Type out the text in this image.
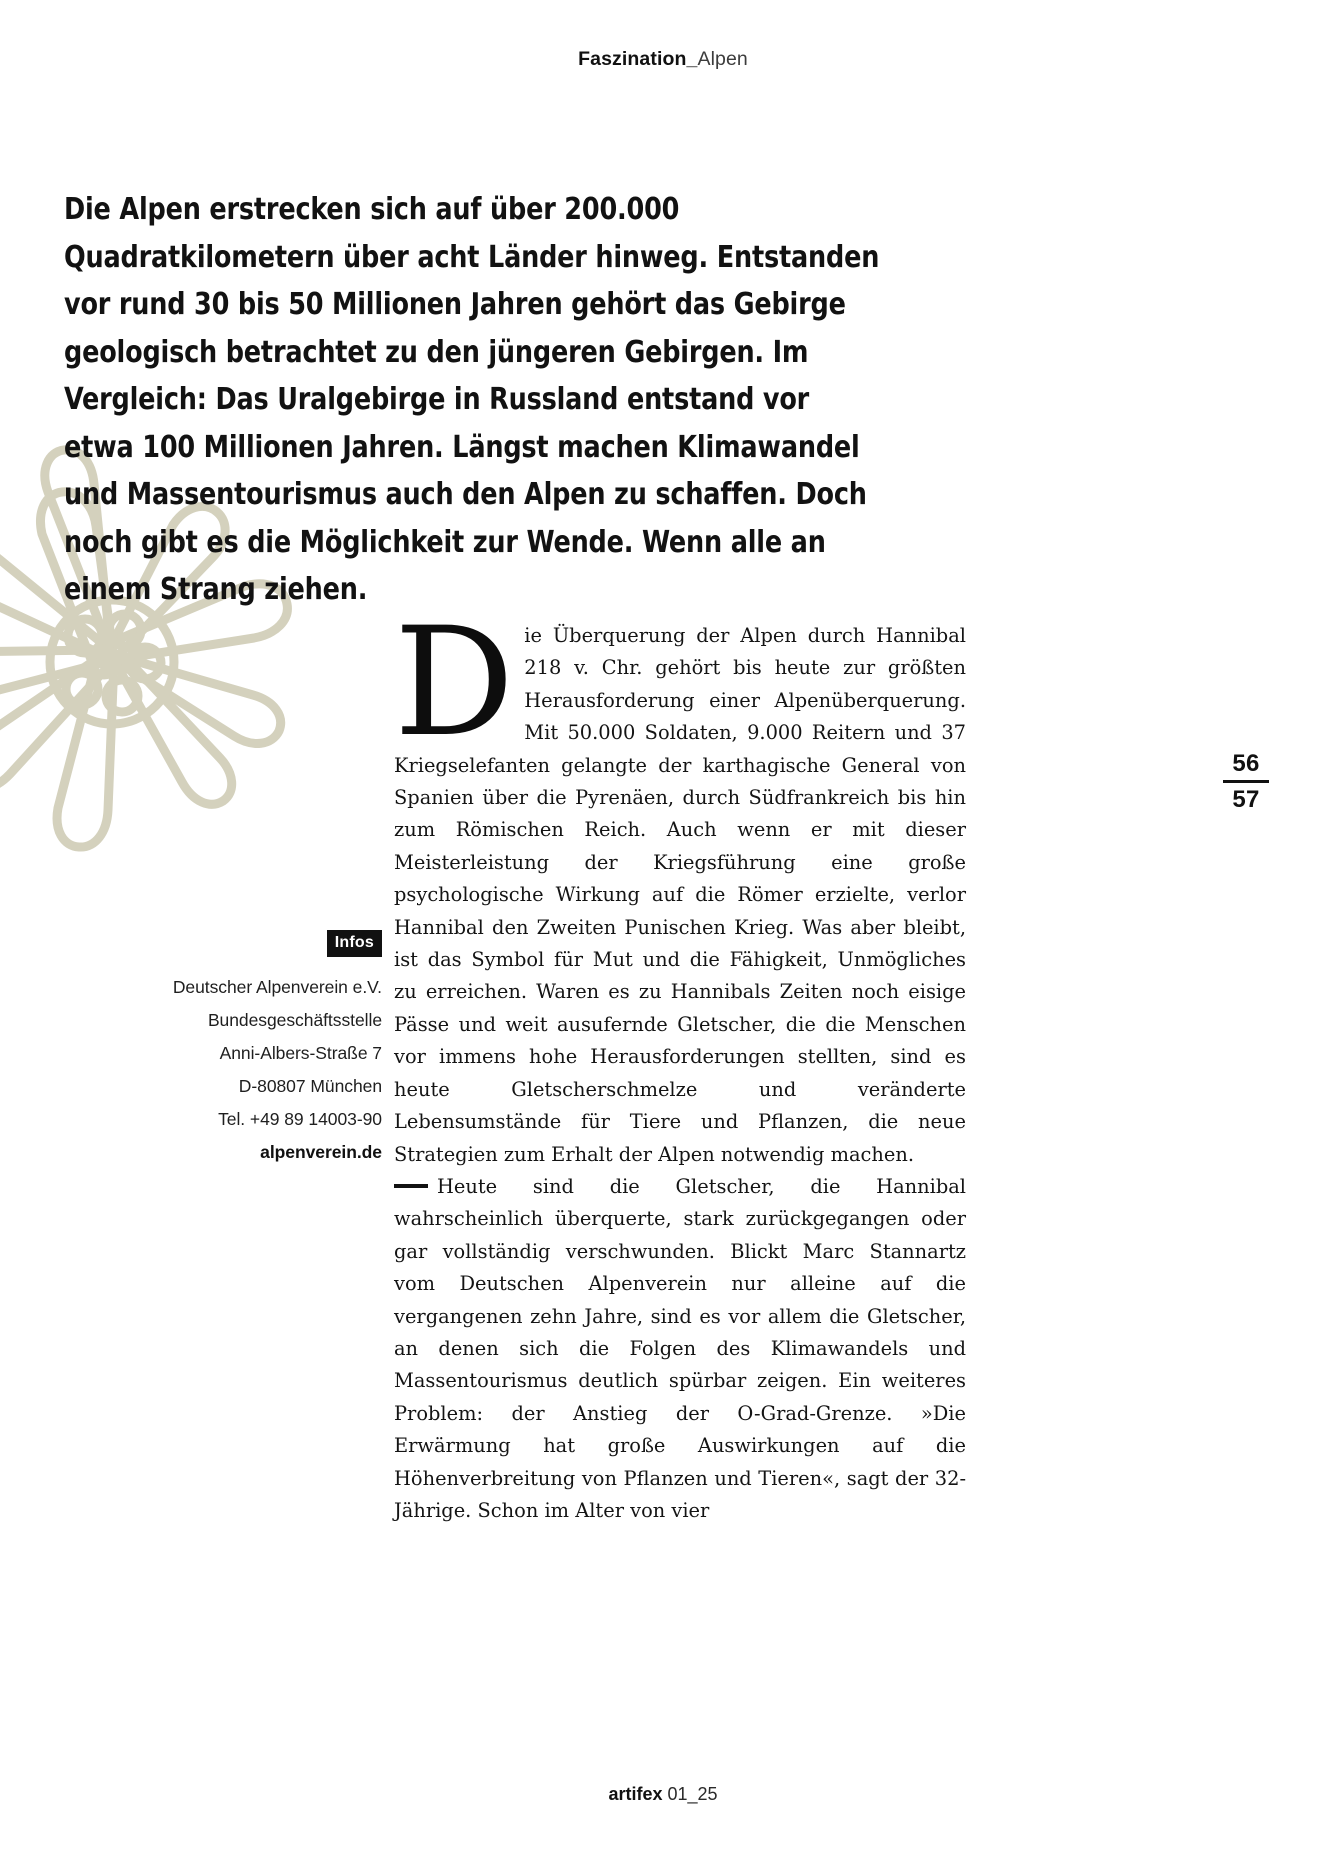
Faszination_Alpen
Die Alpen erstrecken sich auf über 200.000 Quadratkilometern über acht Länder hinweg. Entstanden vor rund 30 bis 50 Millionen Jahren gehört das Gebirge geologisch betrachtet zu den jüngeren Gebirgen. Im Vergleich: Das Uralgebirge in Russland entstand vor etwa 100 Millionen Jahren. Längst machen Klimawandel und Massentourismus auch den Alpen zu schaffen. Doch noch gibt es die Möglichkeit zur Wende. Wenn alle an einem Strang ziehen.
Infos
Deutscher Alpenverein e.V.
Bundesgeschäftsstelle
Anni-Albers-Straße 7
D-80807 München
Tel. +49 89 14003-90
alpenverein.de

Die Überquerung der Alpen durch Hannibal 218 v. Chr. gehört bis heute zur größten Herausforderung einer Alpenüberquerung. Mit 50.000 Soldaten, 9.000 Reitern und 37 Kriegselefanten gelangte der karthagische General von Spanien über die Pyrenäen, durch Südfrankreich bis hin zum Römischen Reich. Auch wenn er mit dieser Meisterleistung der Kriegsführung eine große psychologische Wirkung auf die Römer erzielte, verlor Hannibal den Zweiten Punischen Krieg. Was aber bleibt, ist das Symbol für Mut und die Fähigkeit, Unmögliches zu erreichen. Waren es zu Hannibals Zeiten noch eisige Pässe und weit ausufernde Gletscher, die die Menschen vor immens hohe Herausforderungen stellten, sind es heute Gletscherschmelze und veränderte Lebensumstände für Tiere und Pflanzen, die neue Strategien zum Erhalt der Alpen notwendig machen.

Heute sind die Gletscher, die Hannibal wahrscheinlich überquerte, stark zurückgegangen oder gar vollständig verschwunden. Blickt Marc Stannartz vom Deutschen Alpenverein nur alleine auf die vergangenen zehn Jahre, sind es vor allem die Gletscher, an denen sich die Folgen des Klimawandels und Massentourismus deutlich spürbar zeigen. Ein weiteres Problem: der Anstieg der O-Grad-Grenze. »Die Erwärmung hat große Auswirkungen auf die Höhenverbreitung von Pflanzen und Tieren«, sagt der 32-Jährige. Schon im Alter von vier

56
57
artifex 01_25
